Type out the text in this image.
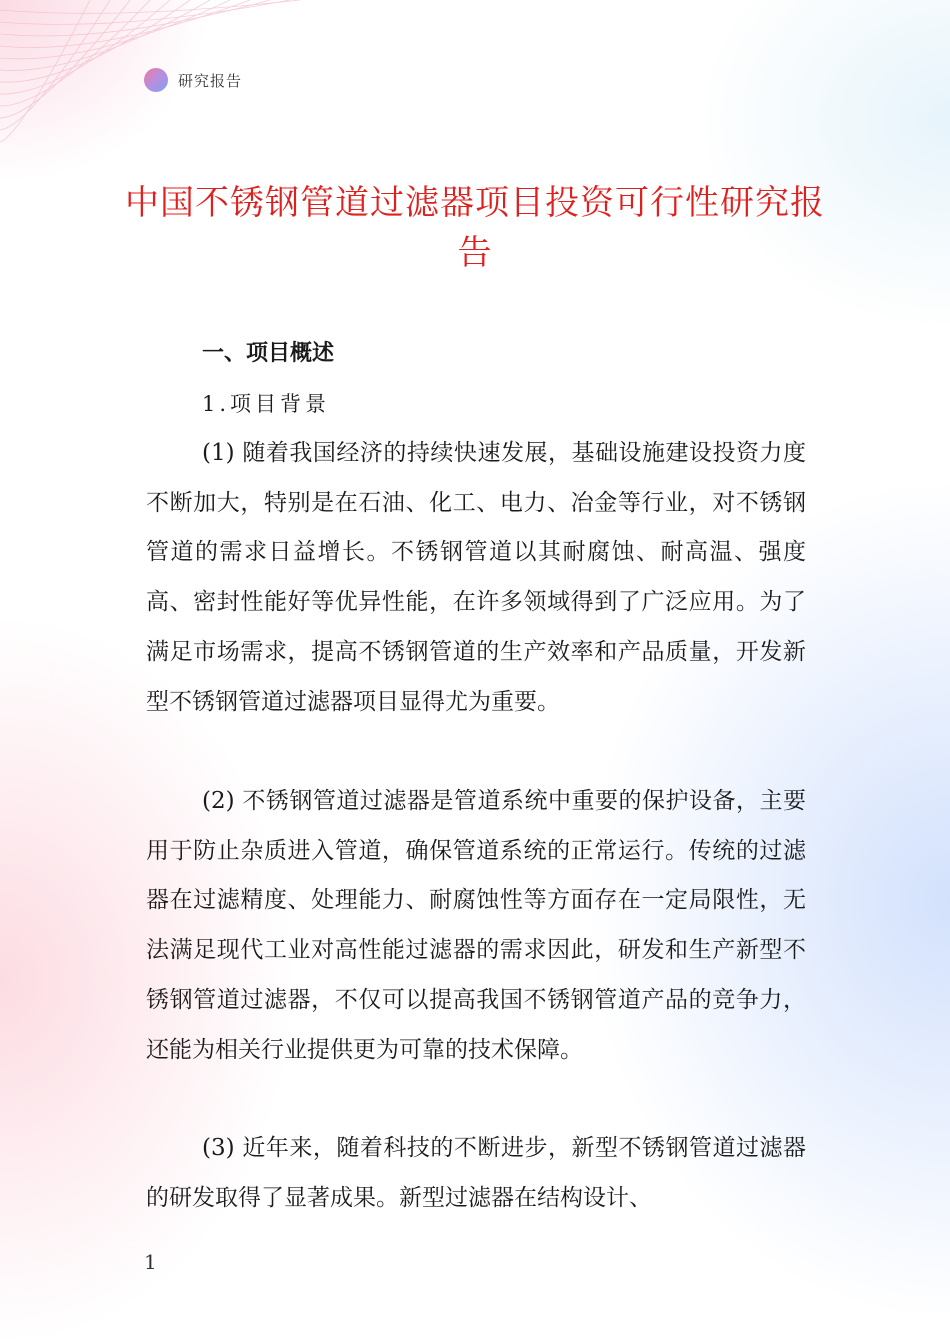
研究报告
中国不锈钢管道过滤器项目投资可行性研究报告
一、项目概述
1.项目背景

(1) 随着我国经济的持续快速发展，基础设施建设投资力度不断加大，特别是在石油、化工、电力、冶金等行业，对不锈钢管道的需求日益增长。不锈钢管道以其耐腐蚀、耐高温、强度高、密封性能好等优异性能，在许多领域得到了广泛应用。为了满足市场需求，提高不锈钢管道的生产效率和产品质量，开发新型不锈钢管道过滤器项目显得尤为重要。

(2) 不锈钢管道过滤器是管道系统中重要的保护设备，主要用于防止杂质进入管道，确保管道系统的正常运行。传统的过滤器在过滤精度、处理能力、耐腐蚀性等方面存在一定局限性，无法满足现代工业对高性能过滤器的需求因此，研发和生产新型不锈钢管道过滤器，不仅可以提高我国不锈钢管道产品的竞争力，还能为相关行业提供更为可靠的技术保障。

(3) 近年来，随着科技的不断进步，新型不锈钢管道过滤器的研发取得了显著成果。新型过滤器在结构设计、

1
